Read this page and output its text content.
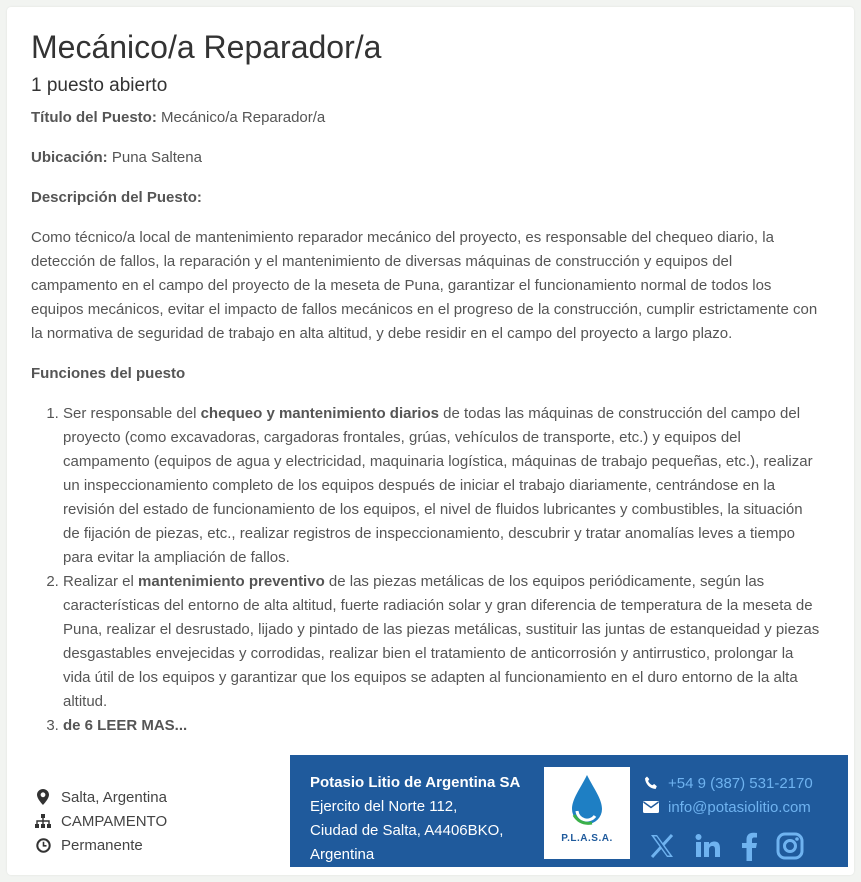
Mecánico/a Reparador/a
1 puesto abierto

Título del Puesto: Mecánico/a Reparador/a

Ubicación: Puna Saltena

Descripción del Puesto:

Como técnico/a local de mantenimiento reparador mecánico del proyecto, es responsable del chequeo diario, la detección de fallos, la reparación y el mantenimiento de diversas máquinas de construcción y equipos del campamento en el campo del proyecto de la meseta de Puna, garantizar el funcionamiento normal de todos los equipos mecánicos, evitar el impacto de fallos mecánicos en el progreso de la construcción, cumplir estrictamente con la normativa de seguridad de trabajo en alta altitud, y debe residir en el campo del proyecto a largo plazo.

Funciones del puesto

1. Ser responsable del chequeo y mantenimiento diarios de todas las máquinas de construcción del campo del proyecto (como excavadoras, cargadoras frontales, grúas, vehículos de transporte, etc.) y equipos del campamento (equipos de agua y electricidad, maquinaria logística, máquinas de trabajo pequeñas, etc.), realizar un inspeccionamiento completo de los equipos después de iniciar el trabajo diariamente, centrándose en la revisión del estado de funcionamiento de los equipos, el nivel de fluidos lubricantes y combustibles, la situación de fijación de piezas, etc., realizar registros de inspeccionamiento, descubrir y tratar anomalías leves a tiempo para evitar la ampliación de fallos.
2. Realizar el mantenimiento preventivo de las piezas metálicas de los equipos periódicamente, según las características del entorno de alta altitud, fuerte radiación solar y gran diferencia de temperatura de la meseta de Puna, realizar el desrustado, lijado y pintado de las piezas metálicas, sustituir las juntas de estanqueidad y piezas desgastables envejecidas y corrodidas, realizar bien el tratamiento de anticorrosión y antirrustico, prolongar la vida útil de los equipos y garantizar que los equipos se adapten al funcionamiento en el duro entorno de la alta altitud.
3. de 6 LEER MAS...
Salta, Argentina
CAMPAMENTO
Permanente
Potasio Litio de Argentina SA
Ejercito del Norte 112,
Ciudad de Salta, A4406BKO,
Argentina
P.L.A.S.A.
+54 9 (387) 531-2170
info@potasiolitio.com
